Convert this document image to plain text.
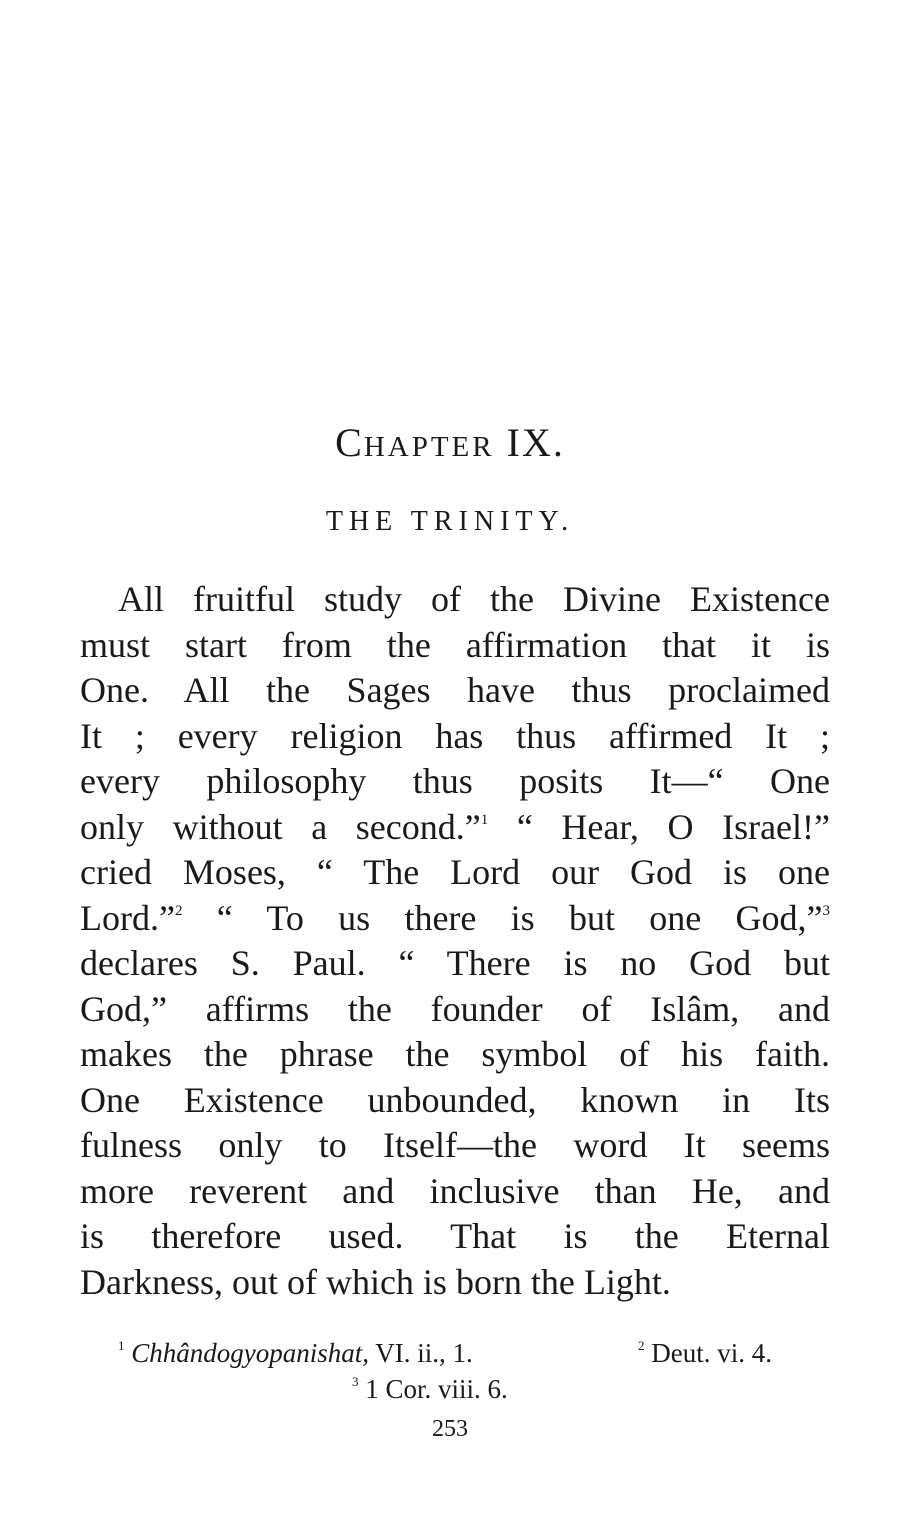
CHAPTER IX.
THE TRINITY.
All fruitful study of the Divine Existence
must start from the affirmation that it is
One. All the Sages have thus proclaimed
It ; every religion has thus affirmed It ;
every philosophy thus posits It—“ One
only without a second.”$^1$ “ Hear, O Israel!”
cried Moses, “ The Lord our God is one
Lord.”$^2$ “ To us there is but one God,”$^3$
declares S. Paul. “ There is no God but
God,” affirms the founder of Islâm, and
makes the phrase the symbol of his faith.
One Existence unbounded, known in Its
fulness only to Itself—the word It seems
more reverent and inclusive than He, and
is therefore used. That is the Eternal
Darkness, out of which is born the Light.
$^1$ Chhândogyopanishat, VI. ii., 1.	$^2$ Deut. vi. 4.
$^3$ 1 Cor. viii. 6.
253
